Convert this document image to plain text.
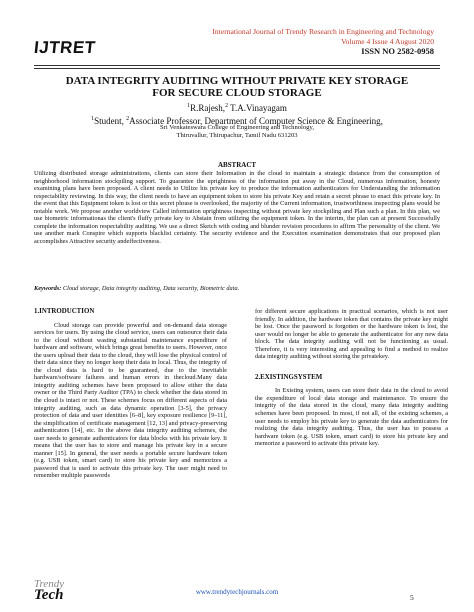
IJTRET
International Journal of Trendy Research in Engineering and Technology
Volume 4 Issue 4 August 2020
ISSN NO 2582-0958
DATA INTEGRITY AUDITING WITHOUT PRIVATE KEY STORAGE
FOR SECURE CLOUD STORAGE
$^1$R.Rajesh,$^2$ T.A.Vinayagam
$^1$Student, $^2$Associate Professor, Department of Computer Science & Engineering,
Sri Venkateswara College of Engineering and Technology,
Thiruvallur, Thirupachur, Tamil Nadu 631203
ABSTRACT
Utilizing distributed storage administrations, clients can store their Information in the cloud to maintain a strategic distance from the consumption of neighborhood information stockpiling support. To guarantee the uprightness of the information put away in the Cloud, numerous information, honesty examining plans have been proposed. A client needs to Utilize his private key to produce the information authenticators for Understanding the information respectability reviewing. In this way, the client needs to have an equipment token to store his private Key and retain a secret phrase to enact this private key. In the event that this Equipment token is lost or this secret phrase is overlooked, the majority of the Current information, trustworthiness inspecting plans would be notable work. We propose another worldview Called information uprightness inspecting without private key stockpiling and Plan such a plan. In this plan, we use biometric informationas the client's fluffy private key to Abstain from utilizing the equipment token. In the interim, the plan can at present Successfully complete the information respectability auditing. We use a direct Sketch with coding and blunder revision procedures to affirm The personality of the client. We use another mark Conspire which supports blacklist certainty. The security evidence and the Execution examination demonstrates that our proposed plan accomplishes Attractive security andeffectiveness.
Keywords: Cloud storage, Data integrity auditing, Data security, Biometric data.
1.INTRODUCTION

Cloud storage can provide powerful and on-demand data storage services for users. By using the cloud service, users can outsource their data to the cloud without wasting substantial maintenance expenditure of hardware and software, which brings great benefits to users. However, once the users upload their data to the cloud, they will lose the physical control of their data since they no longer keep their data in local. Thus, the integrity of the cloud data is hard to be guaranteed, due to the inevitable hardware/software failures and human errors in thecloud.Many data integrity auditing schemes have been proposed to allow either the data owner or the Third Party Auditor (TPA) to check whether the data stored in the cloud is intact or not. These schemes focus on different aspects of data integrity auditing, such as data dynamic operation [3-5], the privacy protection of data and user identities [6–8], key exposure resilience [9–11], the simplification of certificate management [12, 13] and privacy-preserving authenticators [14], etc. In the above data integrity auditing schemes, the user needs to generate authenticators for data blocks with his private key. It means that the user has to store and manage his private key in a secure manner [15]. In general, the user needs a portable secure hardware token (e.g. USB token, smart card) to store his private key and memorizes a password that is used to activate this private key. The user might need to remember multiple passwords

for different secure applications in practical scenarios, which is not user friendly. In addition, the hardware token that contains the private key might be lost. Once the password is forgotten or the hardware token is lost, the user would no longer be able to generate the authenticator for any new data block. The data integrity auditing will not be functioning as usual. Therefore, it is very interesting and appealing to find a method to realize data integrity auditing without storing the privatekey.

2.EXISTINGSYSTEM

In Existing system, users can store their data in the cloud to avoid the expenditure of local data storage and maintenance. To ensure the integrity of the data stored in the cloud, many data integrity auditing schemes have been proposed. In most, if not all, of the existing schemes, a user needs to employ his private key to generate the data authenticators for realizing the data integrity auditing. Thus, the user has to possess a hardware token (e.g. USB token, smart card) to store his private key and memorize a password to activate this private key.

Trendy
Tech	www.trendytechjournals.com
5
